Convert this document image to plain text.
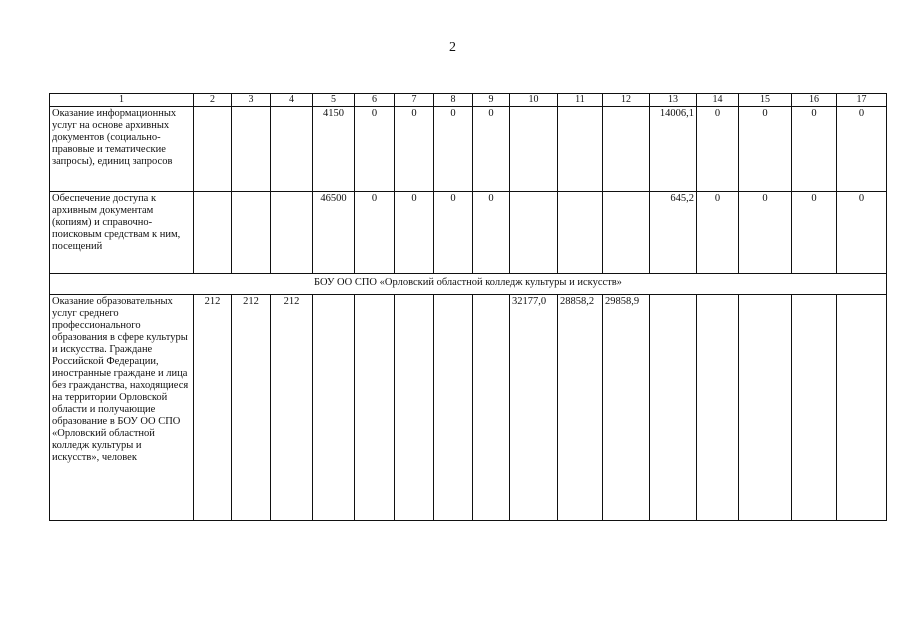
2
1	2	3	4	5	6	7	8	9	10	11	12	13	14	15	16	17
Оказание информационных услуг на основе архивных документов (социально-правовые и тематические запросы), единиц запросов				4150	0	0	0	0				14006,1	0	0	0	0
Обеспечение доступа к архивным документам (копиям) и справочно-поисковым средствам к ним, посещений				46500	0	0	0	0				645,2	0	0	0	0
БОУ ОО СПО «Орловский областной колледж культуры и искусств»																
Оказание образовательных услуг среднего профессионального образования в сфере культуры и искусства. Граждане Российской Федерации, иностранные граждане и лица без гражданства, находящиеся на территории Орловской области и получающие образование в БОУ ОО СПО «Орловский областной колледж культуры и искусств», человек	212	212	212						32177,0	28858,2	29858,9					
